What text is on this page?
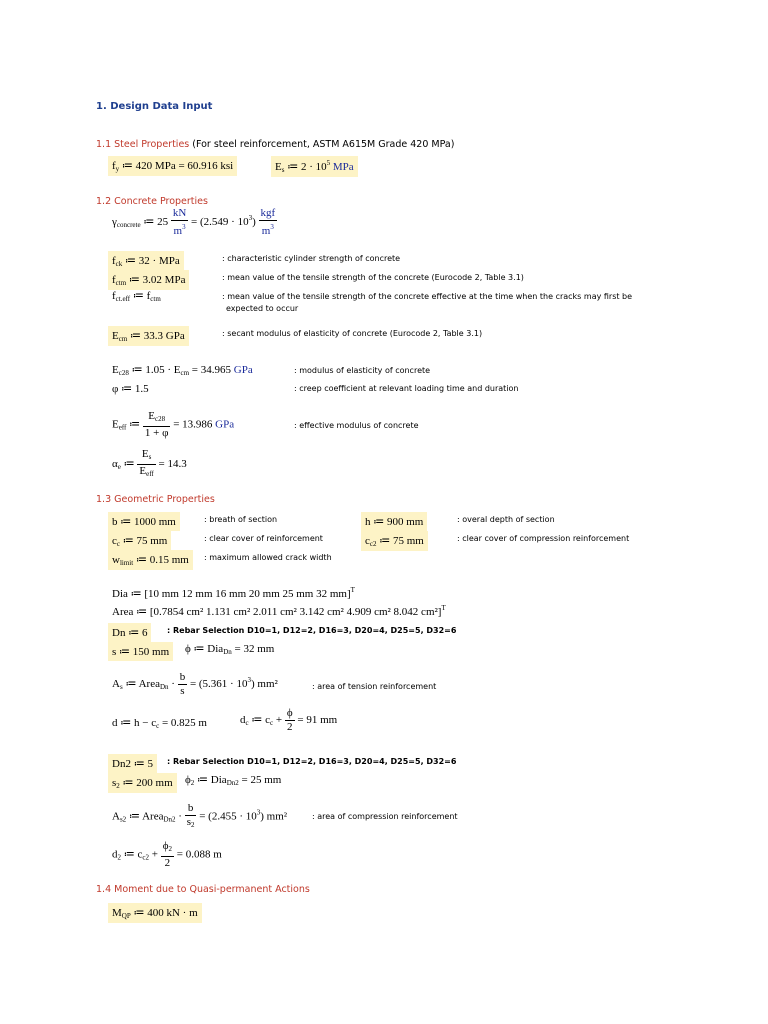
1. Design Data Input
1.1 Steel Properties (For steel reinforcement, ASTM A615M Grade 420 MPa)
$f_y$ ≔ 420 MPa = 60.916 ksi	$E_s$ ≔ $2 \cdot 10^5$ MPa
1.2 Concrete Properties
$\gamma_{concrete}$ ≔ $25 \frac{kN}{m^3} = (2.549 \cdot 10^3) \frac{\text{kgf}}{m^3}$
$f_{ck}$ ≔ 32 · MPa	: characteristic cylinder strength of concrete
$f_{ctm}$ ≔ 3.02 MPa	: mean value of the tensile strength of the concrete (Eurocode 2, Table 3.1)
$f_{ct.eff}$ ≔ $f_{ctm}$	: mean value of the tensile strength of the concrete effective at the time when the cracks may first be
expected to occur
$E_{cm}$ ≔ 33.3 GPa	: secant modulus of elasticity of concrete (Eurocode 2, Table 3.1)
$E_{c28}$ ≔ $1.05 \cdot E_{cm} = 34.965$ GPa	: modulus of elasticity of concrete
φ ≔ 1.5	: creep coefficient at relevant loading time and duration
$E_{eff}$ ≔ $\frac{E_{c28}}{1 + \varphi} = 13.986$ GPa	: effective modulus of concrete
$\alpha_e$ ≔ $\frac{E_s}{E_{eff}} = 14.3$
1.3 Geometric Properties
b ≔ 1000 mm	: breath of section	h ≔ 900 mm	: overal depth of section
$c_c$ ≔ 75 mm	: clear cover of reinforcement	$c_{c2}$ ≔ 75 mm	: clear cover of compression reinforcement
$w_{limit}$ ≔ 0.15 mm	: maximum allowed crack width
Dia ≔ [10 mm 12 mm 16 mm 20 mm 25 mm 32 mm]$^T$
Area ≔ [0.7854 cm² 1.131 cm² 2.011 cm² 3.142 cm² 4.909 cm² 8.042 cm²]$^T$
Dn ≔ 6	: Rebar Selection D10=1, D12=2, D16=3, D20=4, D25=5, D32=6
s ≔ 150 mm	ϕ ≔ Dia$_{Dn}$ = 32 mm
$A_s$ ≔ Area$_{Dn}$ · $\frac{b}{s} = (5.361 \cdot 10^3)$ mm²	: area of tension reinforcement
d ≔ $h - c_c = 0.825$ m	$d_c$ ≔ $c_c + \frac{\phi}{2} = 91$ mm
Dn2 ≔ 5	: Rebar Selection D10=1, D12=2, D16=3, D20=4, D25=5, D32=6
$s_2$ ≔ 200 mm	$\phi_2$ ≔ Dia$_{Dn2}$ = 25 mm
$A_{s2}$ ≔ Area$_{Dn2}$ · $\frac{b}{s_2} = (2.455 \cdot 10^3)$ mm²	: area of compression reinforcement
$d_2$ ≔ $c_{c2} + \frac{\phi_2}{2} = 0.088$ m
1.4 Moment due to Quasi-permanent Actions
$M_{QP}$ ≔ 400 kN · m
